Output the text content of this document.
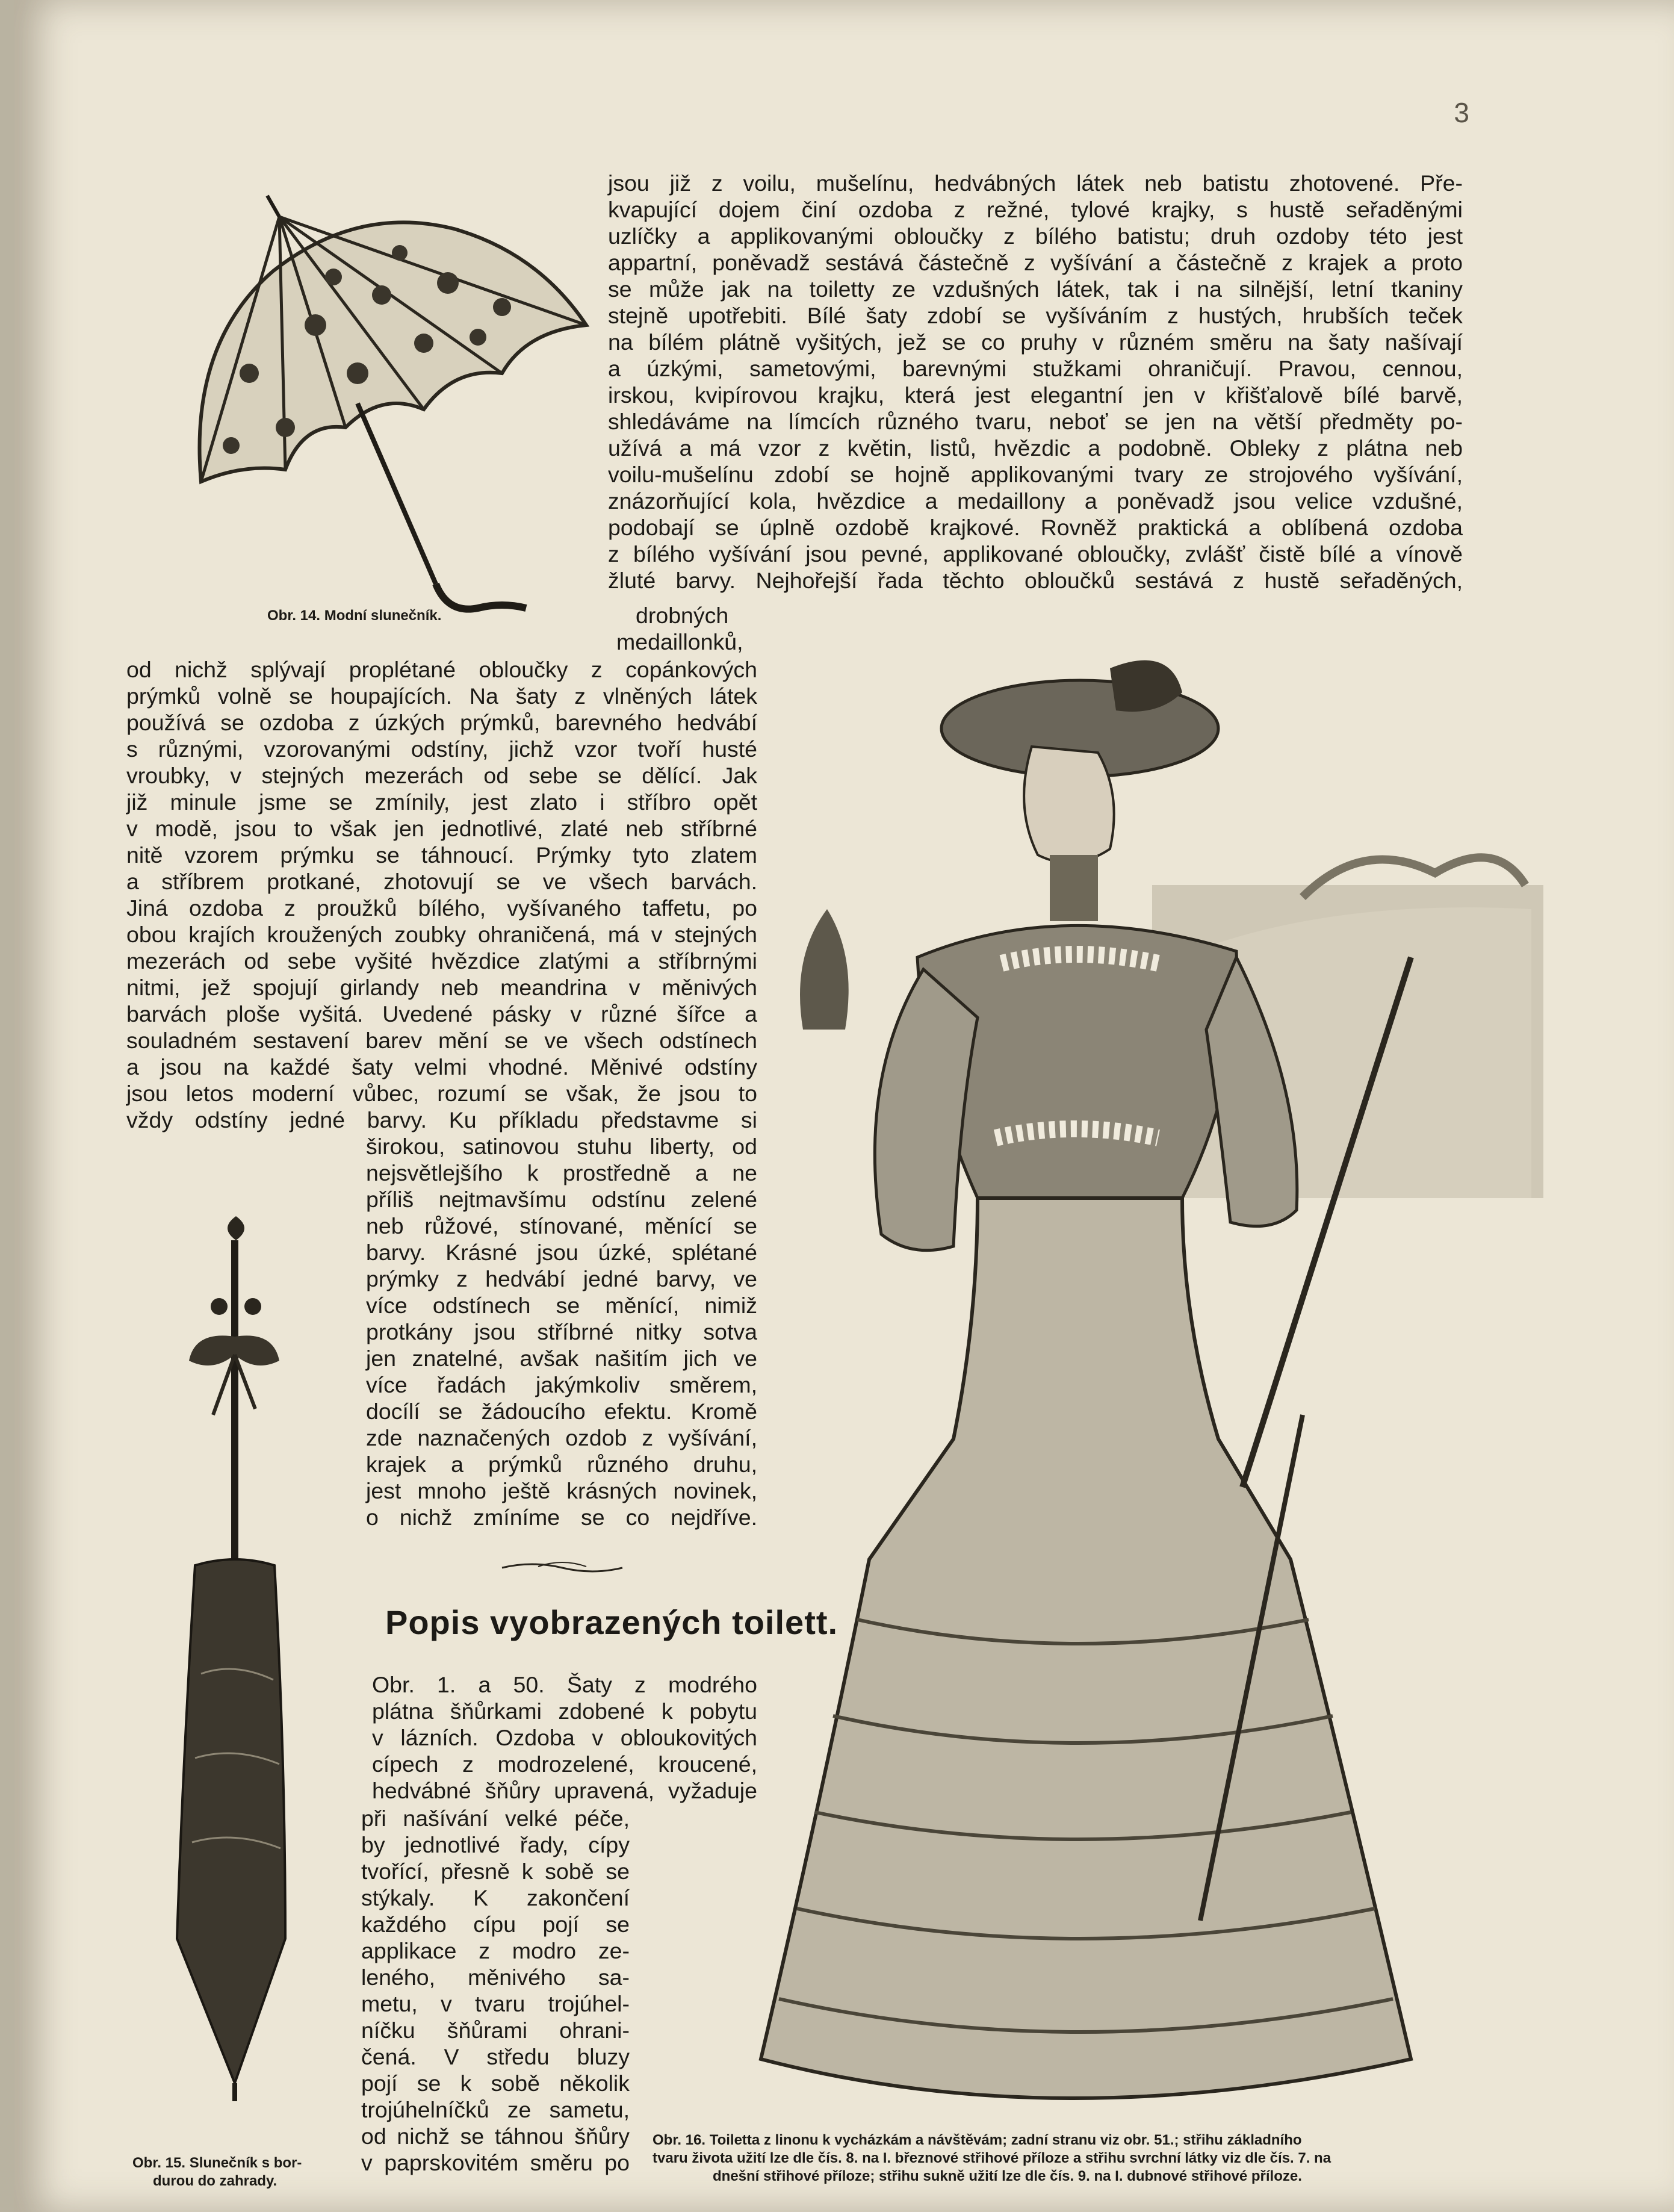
3
Obr. 14. Modní slunečník.
jsou již z voilu, mušelínu, hedvábných látek neb batistu zhotovené. Pře-
kvapující dojem činí ozdoba z režné, tylové krajky, s hustě seřaděnými
uzlíčky a applikovanými obloučky z bílého batistu; druh ozdoby této jest
appartní, poněvadž sestává částečně z vyšívání a částečně z krajek a proto
se může jak na toiletty ze vzdušných látek, tak i na silnější, letní tkaniny
stejně upotřebiti. Bílé šaty zdobí se vyšíváním z hustých, hrubších teček
na bílém plátně vyšitých, jež se co pruhy v různém směru na šaty našívají
a úzkými, sametovými, barevnými stužkami ohraničují. Pravou, cennou,
irskou, kvipírovou krajku, která jest elegantní jen v křišťalově bílé barvě,
shledáváme na límcích různého tvaru, neboť se jen na větší předměty po-
užívá a má vzor z květin, listů, hvězdic a podobně. Obleky z plátna neb
voilu-mušelínu zdobí se hojně applikovanými tvary ze strojového vyšívání,
znázorňující kola, hvězdice a medaillony a poněvadž jsou velice vzdušné,
podobají se úplně ozdobě krajkové. Rovněž praktická a oblíbená ozdoba
z bílého vyšívání jsou pevné, applikované obloučky, zvlášť čistě bílé a vínově
žluté barvy. Nejhořejší řada těchto obloučků sestává z hustě seřaděných,
drobných
medaillonků,
od nichž splývají proplétané obloučky z copánkových
prýmků volně se houpajících. Na šaty z vlněných látek
používá se ozdoba z úzkých prýmků, barevného hedvábí
s různými, vzorovanými odstíny, jichž vzor tvoří husté
vroubky, v stejných mezerách od sebe se dělící. Jak
již minule jsme se zmínily, jest zlato i stříbro opět
v modě, jsou to však jen jednotlivé, zlaté neb stříbrné
nitě vzorem prýmku se táhnoucí. Prýmky tyto zlatem
a stříbrem protkané, zhotovují se ve všech barvách.
Jiná ozdoba z proužků bílého, vyšívaného taffetu, po
obou krajích kroužených zoubky ohraničená, má v stejných
mezerách od sebe vyšité hvězdice zlatými a stříbrnými
nitmi, jež spojují girlandy neb meandrina v měnivých
barvách ploše vyšitá. Uvedené pásky v různé šířce a
souladném sestavení barev mění se ve všech odstínech
a jsou na každé šaty velmi vhodné. Měnivé odstíny
jsou letos moderní vůbec, rozumí se však, že jsou to
vždy odstíny jedné barvy. Ku příkladu představme si
širokou, satinovou stuhu liberty, od
nejsvětlejšího k prostředně a ne
příliš nejtmavšímu odstínu zelené
neb růžové, stínované, měnící se
barvy. Krásné jsou úzké, splétané
prýmky z hedvábí jedné barvy, ve
více odstínech se měnící, nimiž
protkány jsou stříbrné nitky sotva
jen znatelné, avšak našitím jich ve
více řadách jakýmkoliv směrem,
docílí se žádoucího efektu. Kromě
zde naznačených ozdob z vyšívání,
krajek a prýmků různého druhu,
jest mnoho ještě krásných novinek,
o nichž zmíníme se co nejdříve.
Popis vyobrazených toilett.
Obr. 1. a 50. Šaty z modrého
plátna šňůrkami zdobené k pobytu
v lázních. Ozdoba v obloukovitých
cípech z modrozelené, kroucené,
hedvábné šňůry upravená, vyžaduje
při našívání velké péče,
by jednotlivé řady, cípy
tvořící, přesně k sobě se
stýkaly. K zakončení
každého cípu pojí se
applikace z modro ze-
leného, měnivého sa-
metu, v tvaru trojúhel-
níčku šňůrami ohrani-
čená. V středu bluzy
pojí se k sobě několik
trojúhelníčků ze sametu,
od nichž se táhnou šňůry
v paprskovitém směru po
Obr. 15. Slunečník s bor-
durou do zahrady.
Obr. 16. Toiletta z linonu k vycházkám a návštěvám; zadní stranu viz obr. 51.; střihu základního
tvaru života užití lze dle čís. 8. na I. březnové střihové příloze a střihu svrchní látky viz dle čís. 7. na
dnešní střihové příloze; střihu sukně užití lze dle čís. 9. na I. dubnové střihové příloze.
